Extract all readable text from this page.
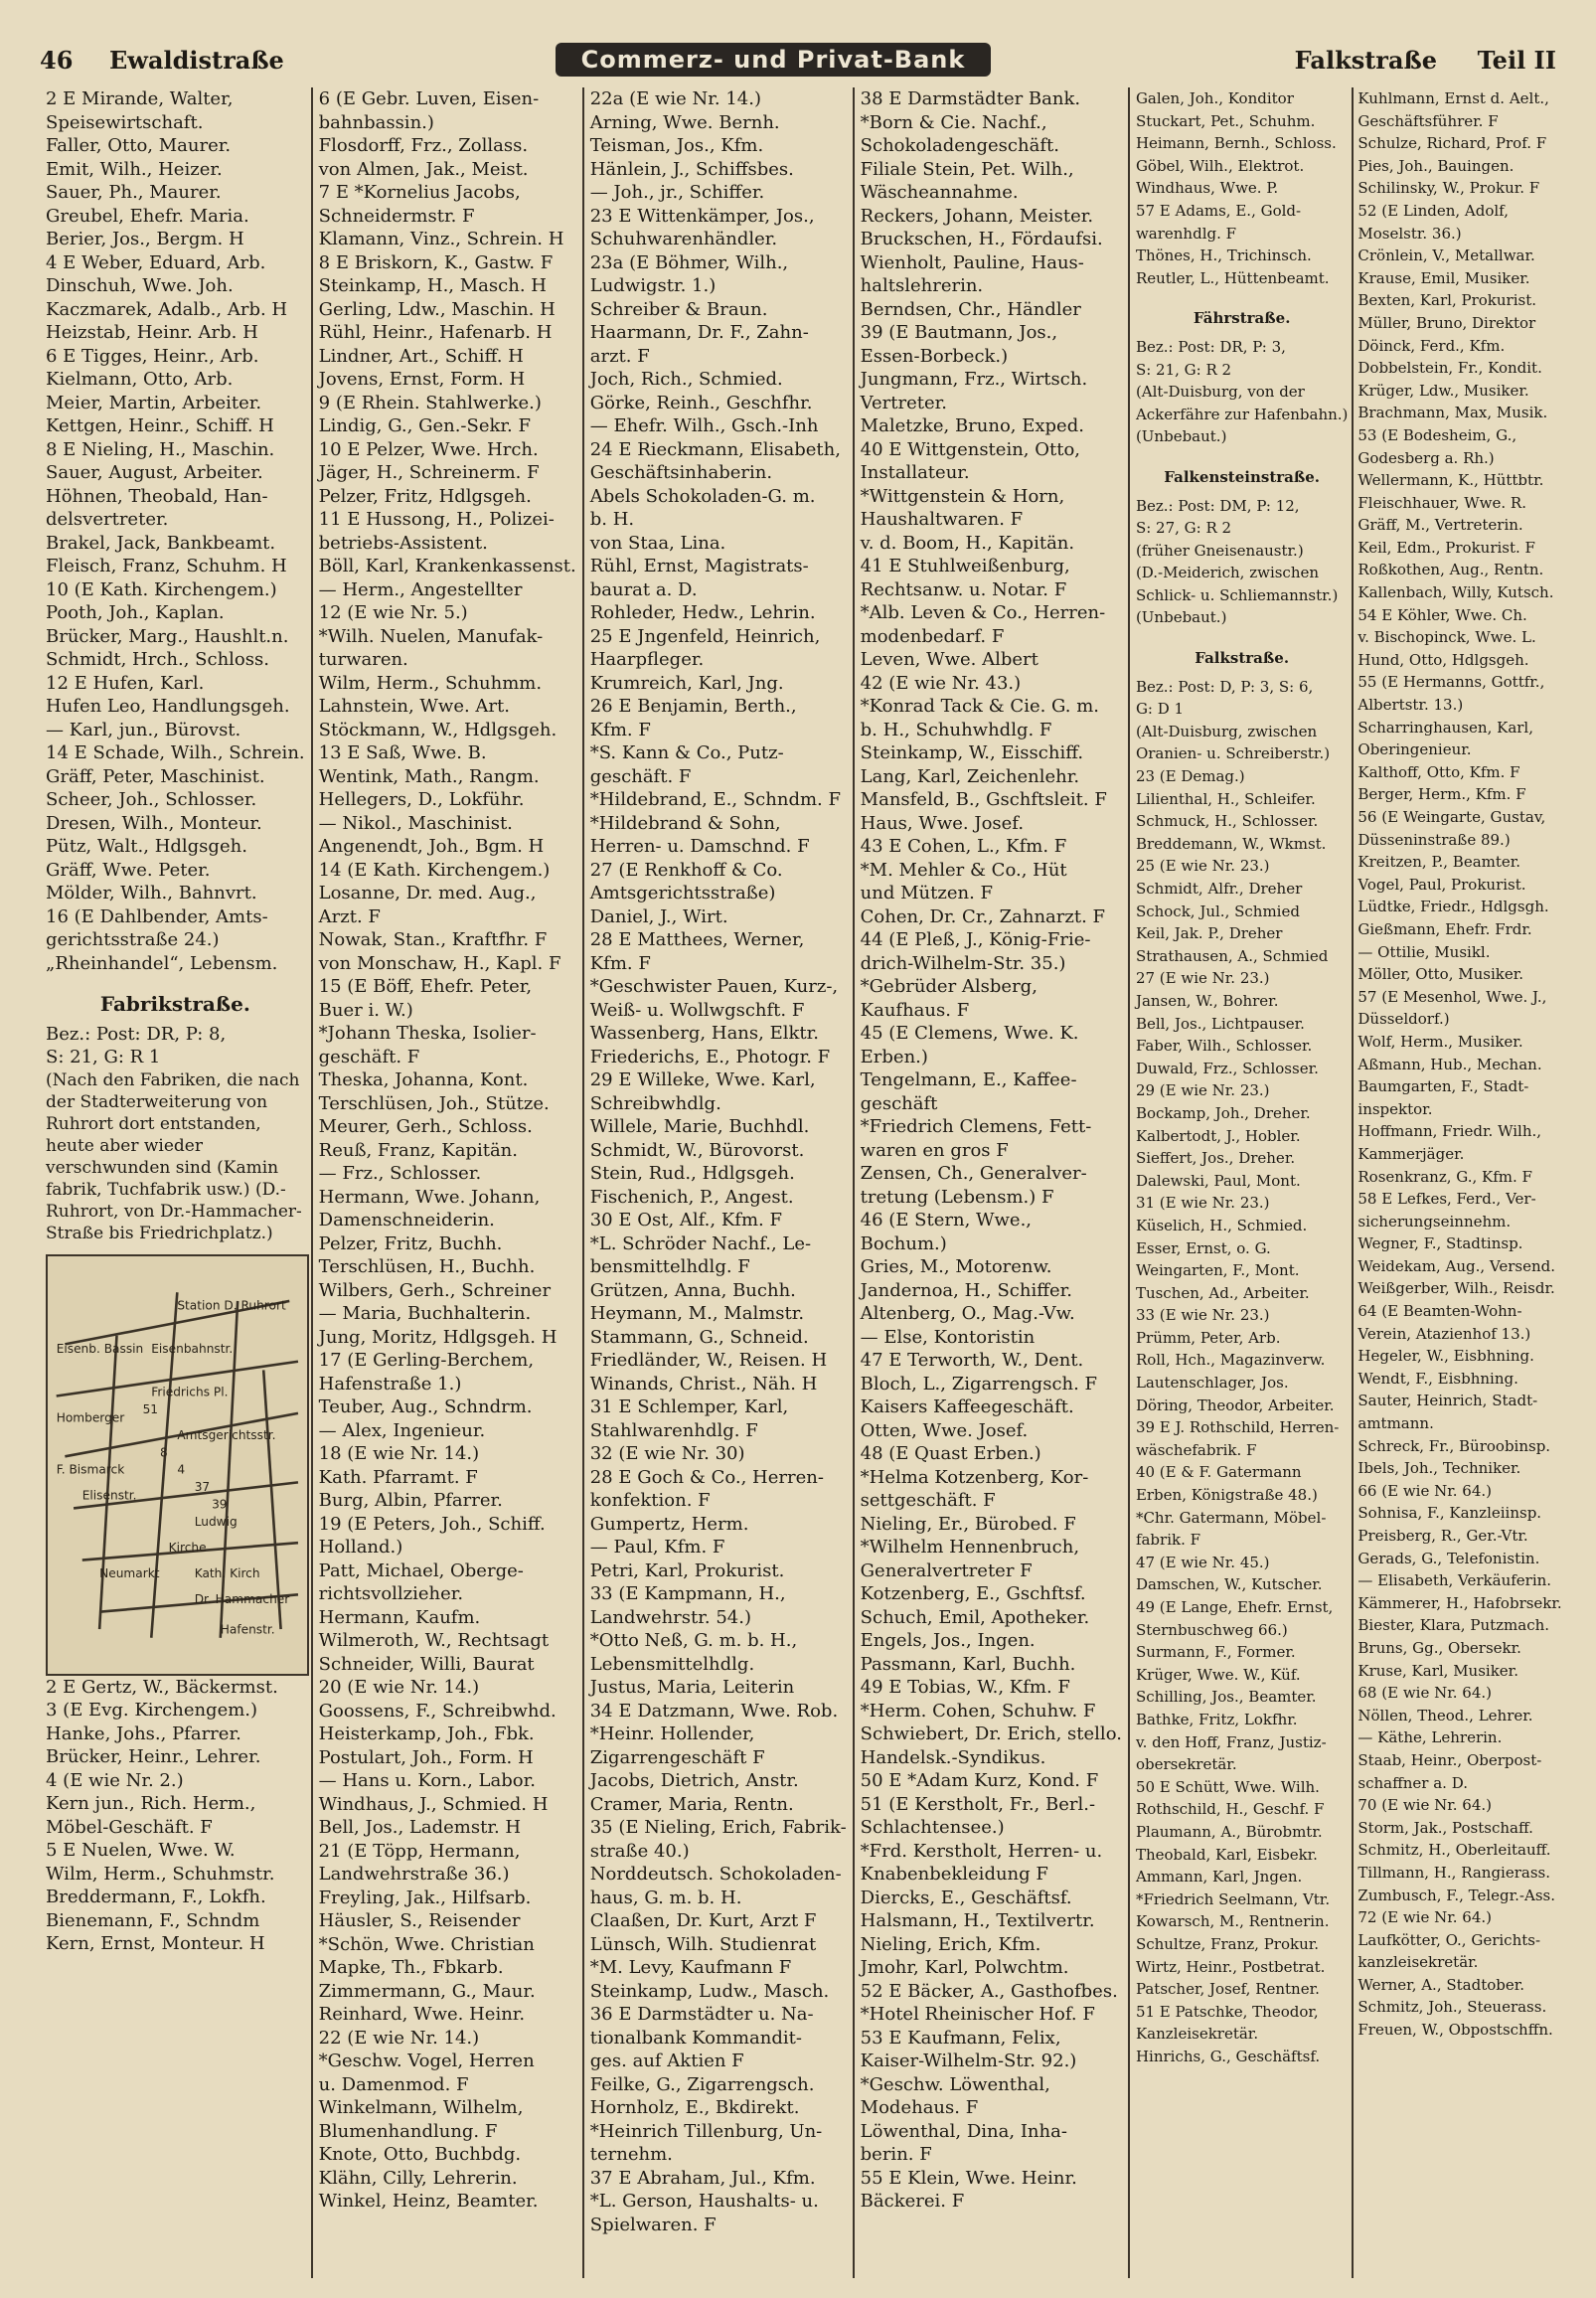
46	Ewaldistraße	Commerz- und Privat-Bank	Falkstraße	Teil II
2 E Mirande, Walter,
Speisewirtschaft.
Faller, Otto, Maurer.
Emit, Wilh., Heizer.
Sauer, Ph., Maurer.
Greubel, Ehefr. Maria.
Berier, Jos., Bergm. H
4 E Weber, Eduard, Arb.
Dinschuh, Wwe. Joh.
Kaczmarek, Adalb., Arb. H
Heizstab, Heinr. Arb. H
6 E Tigges, Heinr., Arb.
Kielmann, Otto, Arb.
Meier, Martin, Arbeiter.
Kettgen, Heinr., Schiff. H
8 E Nieling, H., Maschin.
Sauer, August, Arbeiter.
Höhnen, Theobald, Han-
delsvertreter.
Brakel, Jack, Bankbeamt.
Fleisch, Franz, Schuhm. H
10 (E Kath. Kirchengem.)
Pooth, Joh., Kaplan.
Brücker, Marg., Haushlt.n.
Schmidt, Hrch., Schloss.
12 E Hufen, Karl.
Hufen Leo, Handlungsgeh.
— Karl, jun., Bürovst.
14 E Schade, Wilh., Schrein.
Gräff, Peter, Maschinist.
Scheer, Joh., Schlosser.
Dresen, Wilh., Monteur.
Pütz, Walt., Hdlgsgeh.
Gräff, Wwe. Peter.
Mölder, Wilh., Bahnvrt.
16 (E Dahlbender, Amts-
gerichtsstraße 24.)
„Rheinhandel“, Lebensm.
Fabrikstraße.
Bez.: Post: DR, P: 8,
S: 21, G: R 1
(Nach den Fabriken, die nach der Stadterweiterung von Ruhrort dort entstanden, heute aber wieder verschwunden sind (Kamin fabrik, Tuchfabrik usw.) (D.-Ruhrort, von Dr.-Hammacher-Straße bis Friedrichplatz.)
Station D. Ruhrort
Eisenb. Bassin Eisenbahnstr.
Friedrichs Pl.
Homberger
Amtsgerichtsstr.
F. Bismarck
Elisenstr.
Ludwig
Kirche
Neumarkt	Kath. Kirch
Dr. Hammacher
Hafenstr.
51
8
4
37
39
2 E Gertz, W., Bäckermst.
3 (E Evg. Kirchengem.)
Hanke, Johs., Pfarrer.
Brücker, Heinr., Lehrer.
4 (E wie Nr. 2.)
Kern jun., Rich. Herm.,
Möbel-Geschäft. F
5 E Nuelen, Wwe. W.
Wilm, Herm., Schuhmstr.
Breddermann, F., Lokfh.
Bienemann, F., Schndm
Kern, Ernst, Monteur. H
6 (E Gebr. Luven, Eisen-
bahnbassin.)
Flosdorff, Frz., Zollass.
von Almen, Jak., Meist.
7 E *Kornelius Jacobs,
Schneidermstr. F
Klamann, Vinz., Schrein. H
8 E Briskorn, K., Gastw. F
Steinkamp, H., Masch. H
Gerling, Ldw., Maschin. H
Rühl, Heinr., Hafenarb. H
Lindner, Art., Schiff. H
Jovens, Ernst, Form. H
9 (E Rhein. Stahlwerke.)
Lindig, G., Gen.-Sekr. F
10 E Pelzer, Wwe. Hrch.
Jäger, H., Schreinerm. F
Pelzer, Fritz, Hdlgsgeh.
11 E Hussong, H., Polizei-
betriebs-Assistent.
Böll, Karl, Krankenkassenst.
— Herm., Angestellter
12 (E wie Nr. 5.)
*Wilh. Nuelen, Manufak-
turwaren.
Wilm, Herm., Schuhmm.
Lahnstein, Wwe. Art.
Stöckmann, W., Hdlgsgeh.
13 E Saß, Wwe. B.
Wentink, Math., Rangm.
Hellegers, D., Lokführ.
— Nikol., Maschinist.
Angenendt, Joh., Bgm. H
14 (E Kath. Kirchengem.)
Losanne, Dr. med. Aug.,
Arzt. F
Nowak, Stan., Kraftfhr. F
von Monschaw, H., Kapl. F
15 (E Böff, Ehefr. Peter,
Buer i. W.)
*Johann Theska, Isolier-
geschäft. F
Theska, Johanna, Kont.
Terschlüsen, Joh., Stütze.
Meurer, Gerh., Schloss.
Reuß, Franz, Kapitän.
— Frz., Schlosser.
Hermann, Wwe. Johann,
Damenschneiderin.
Pelzer, Fritz, Buchh.
Terschlüsen, H., Buchh.
Wilbers, Gerh., Schreiner
— Maria, Buchhalterin.
Jung, Moritz, Hdlgsgeh. H
17 (E Gerling-Berchem,
Hafenstraße 1.)
Teuber, Aug., Schndrm.
— Alex, Ingenieur.
18 (E wie Nr. 14.)
Kath. Pfarramt. F
Burg, Albin, Pfarrer.
19 (E Peters, Joh., Schiff.
Holland.)
Patt, Michael, Oberge-
richtsvollzieher.
Hermann, Kaufm.
Wilmeroth, W., Rechtsagt
Schneider, Willi, Baurat
20 (E wie Nr. 14.)
Goossens, F., Schreibwhd.
Heisterkamp, Joh., Fbk.
Postulart, Joh., Form. H
— Hans u. Korn., Labor.
Windhaus, J., Schmied. H
Bell, Jos., Lademstr. H
21 (E Töpp, Hermann,
Landwehrstraße 36.)
Freyling, Jak., Hilfsarb.
Häusler, S., Reisender
*Schön, Wwe. Christian
Mapke, Th., Fbkarb.
Zimmermann, G., Maur.
Reinhard, Wwe. Heinr.
22 (E wie Nr. 14.)
*Geschw. Vogel, Herren
u. Damenmod. F
Winkelmann, Wilhelm,
Blumenhandlung. F
Knote, Otto, Buchbdg.
Klähn, Cilly, Lehrerin.
Winkel, Heinz, Beamter.
22a (E wie Nr. 14.)
Arning, Wwe. Bernh.
Teisman, Jos., Kfm.
Hänlein, J., Schiffsbes.
— Joh., jr., Schiffer.
23 E Wittenkämper, Jos.,
Schuhwarenhändler.
23a (E Böhmer, Wilh.,
Ludwigstr. 1.)
Schreiber & Braun.
Haarmann, Dr. F., Zahn-
arzt. F
Joch, Rich., Schmied.
Görke, Reinh., Geschfhr.
— Ehefr. Wilh., Gsch.-Inh
24 E Rieckmann, Elisabeth,
Geschäftsinhaberin.
Abels Schokoladen-G. m.
b. H.
von Staa, Lina.
Rühl, Ernst, Magistrats-
baurat a. D.
Rohleder, Hedw., Lehrin.
25 E Jngenfeld, Heinrich,
Haarpfleger.
Krumreich, Karl, Jng.
26 E Benjamin, Berth.,
Kfm. F
*S. Kann & Co., Putz-
geschäft. F
*Hildebrand, E., Schndm. F
*Hildebrand & Sohn,
Herren- u. Damschnd. F
27 (E Renkhoff & Co.
Amtsgerichtsstraße)
Daniel, J., Wirt.
28 E Matthees, Werner,
Kfm. F
*Geschwister Pauen, Kurz-,
Weiß- u. Wollwgschft. F
Wassenberg, Hans, Elktr.
Friederichs, E., Photogr. F
29 E Willeke, Wwe. Karl,
Schreibwhdlg.
Willele, Marie, Buchhdl.
Schmidt, W., Bürovorst.
Stein, Rud., Hdlgsgeh.
Fischenich, P., Angest.
30 E Ost, Alf., Kfm. F
*L. Schröder Nachf., Le-
bensmittelhdlg. F
Grützen, Anna, Buchh.
Heymann, M., Malmstr.
Stammann, G., Schneid.
Friedländer, W., Reisen. H
Winands, Christ., Näh. H
31 E Schlemper, Karl,
Stahlwarenhdlg. F
32 (E wie Nr. 30)
28 E Goch & Co., Herren-
konfektion. F
Gumpertz, Herm.
— Paul, Kfm. F
Petri, Karl, Prokurist.
33 (E Kampmann, H.,
Landwehrstr. 54.)
*Otto Neß, G. m. b. H.,
Lebensmittelhdlg.
Justus, Maria, Leiterin
34 E Datzmann, Wwe. Rob.
*Heinr. Hollender,
Zigarrengeschäft F
Jacobs, Dietrich, Anstr.
Cramer, Maria, Rentn.
35 (E Nieling, Erich, Fabrik-
straße 40.)
Norddeutsch. Schokoladen-
haus, G. m. b. H.
Claaßen, Dr. Kurt, Arzt F
Lünsch, Wilh. Studienrat
*M. Levy, Kaufmann F
Steinkamp, Ludw., Masch.
36 E Darmstädter u. Na-
tionalbank Kommandit-
ges. auf Aktien F
Feilke, G., Zigarrengsch.
Hornholz, E., Bkdirekt.
*Heinrich Tillenburg, Un-
ternehm.
37 E Abraham, Jul., Kfm.
*L. Gerson, Haushalts- u.
Spielwaren. F
38 E Darmstädter Bank.
*Born & Cie. Nachf.,
Schokoladengeschäft.
Filiale Stein, Pet. Wilh.,
Wäscheannahme.
Reckers, Johann, Meister.
Bruckschen, H., Fördaufsi.
Wienholt, Pauline, Haus-
haltslehrerin.
Berndsen, Chr., Händler
39 (E Bautmann, Jos.,
Essen-Borbeck.)
Jungmann, Frz., Wirtsch.
Vertreter.
Maletzke, Bruno, Exped.
40 E Wittgenstein, Otto,
Installateur.
*Wittgenstein & Horn,
Haushaltwaren. F
v. d. Boom, H., Kapitän.
41 E Stuhlweißenburg,
Rechtsanw. u. Notar. F
*Alb. Leven & Co., Herren-
modenbedarf. F
Leven, Wwe. Albert
42 (E wie Nr. 43.)
*Konrad Tack & Cie. G. m.
b. H., Schuhwhdlg. F
Steinkamp, W., Eisschiff.
Lang, Karl, Zeichenlehr.
Mansfeld, B., Gschftsleit. F
Haus, Wwe. Josef.
43 E Cohen, L., Kfm. F
*M. Mehler & Co., Hüt
und Mützen. F
Cohen, Dr. Cr., Zahnarzt. F
44 (E Pleß, J., König-Frie-
drich-Wilhelm-Str. 35.)
*Gebrüder Alsberg,
Kaufhaus. F
45 (E Clemens, Wwe. K.
Erben.)
Tengelmann, E., Kaffee-
geschäft
*Friedrich Clemens, Fett-
waren en gros F
Zensen, Ch., Generalver-
tretung (Lebensm.) F
46 (E Stern, Wwe.,
Bochum.)
Gries, M., Motorenw.
Jandernoa, H., Schiffer.
Altenberg, O., Mag.-Vw.
— Else, Kontoristin
47 E Terworth, W., Dent.
Bloch, L., Zigarrengsch. F
Kaisers Kaffeegeschäft.
Otten, Wwe. Josef.
48 (E Quast Erben.)
*Helma Kotzenberg, Kor-
settgeschäft. F
Nieling, Er., Bürobed. F
*Wilhelm Hennenbruch,
Generalvertreter F
Kotzenberg, E., Gschftsf.
Schuch, Emil, Apotheker.
Engels, Jos., Ingen.
Passmann, Karl, Buchh.
49 E Tobias, W., Kfm. F
*Herm. Cohen, Schuhw. F
Schwiebert, Dr. Erich, stello.
Handelsk.-Syndikus.
50 E *Adam Kurz, Kond. F
51 (E Kerstholt, Fr., Berl.-
Schlachtensee.)
*Frd. Kerstholt, Herren- u.
Knabenbekleidung F
Diercks, E., Geschäftsf.
Halsmann, H., Textilvertr.
Nieling, Erich, Kfm.
Jmohr, Karl, Polwchtm.
52 E Bäcker, A., Gasthofbes.
*Hotel Rheinischer Hof. F
53 E Kaufmann, Felix,
Kaiser-Wilhelm-Str. 92.)
*Geschw. Löwenthal,
Modehaus. F
Löwenthal, Dina, Inha-
berin. F
55 E Klein, Wwe. Heinr.
Bäckerei. F
Galen, Joh., Konditor
Stuckart, Pet., Schuhm.
Heimann, Bernh., Schloss.
Göbel, Wilh., Elektrot.
Windhaus, Wwe. P.
57 E Adams, E., Gold-
warenhdlg. F
Thönes, H., Trichinsch.
Reutler, L., Hüttenbeamt.
Fährstraße.
Bez.: Post: DR, P: 3,
S: 21, G: R 2
(Alt-Duisburg, von der
Ackerfähre zur Hafenbahn.)
(Unbebaut.)
Falkensteinstraße.
Bez.: Post: DM, P: 12,
S: 27, G: R 2
(früher Gneisenaustr.)
(D.-Meiderich, zwischen
Schlick- u. Schliemannstr.)
(Unbebaut.)
Falkstraße.
Bez.: Post: D, P: 3, S: 6,
G: D 1
(Alt-Duisburg, zwischen
Oranien- u. Schreiberstr.)
23 (E Demag.)
Lilienthal, H., Schleifer.
Schmuck, H., Schlosser.
Breddemann, W., Wkmst.
25 (E wie Nr. 23.)
Schmidt, Alfr., Dreher
Schock, Jul., Schmied
Keil, Jak. P., Dreher
Strathausen, A., Schmied
27 (E wie Nr. 23.)
Jansen, W., Bohrer.
Bell, Jos., Lichtpauser.
Faber, Wilh., Schlosser.
Duwald, Frz., Schlosser.
29 (E wie Nr. 23.)
Bockamp, Joh., Dreher.
Kalbertodt, J., Hobler.
Sieffert, Jos., Dreher.
Dalewski, Paul, Mont.
31 (E wie Nr. 23.)
Küselich, H., Schmied.
Esser, Ernst, o. G.
Weingarten, F., Mont.
Tuschen, Ad., Arbeiter.
33 (E wie Nr. 23.)
Prümm, Peter, Arb.
Roll, Hch., Magazinverw.
Lautenschlager, Jos.
Döring, Theodor, Arbeiter.
39 E J. Rothschild, Herren-
wäschefabrik. F
40 (E & F. Gatermann
Erben, Königstraße 48.)
*Chr. Gatermann, Möbel-
fabrik. F
47 (E wie Nr. 45.)
Damschen, W., Kutscher.
49 (E Lange, Ehefr. Ernst,
Sternbuschweg 66.)
Surmann, F., Former.
Krüger, Wwe. W., Küf.
Schilling, Jos., Beamter.
Bathke, Fritz, Lokfhr.
v. den Hoff, Franz, Justiz-
obersekretär.
50 E Schütt, Wwe. Wilh.
Rothschild, H., Geschf. F
Plaumann, A., Bürobmtr.
Theobald, Karl, Eisbekr.
Ammann, Karl, Jngen.
*Friedrich Seelmann, Vtr.
Kowarsch, M., Rentnerin.
Schultze, Franz, Prokur.
Wirtz, Heinr., Postbetrat.
Patscher, Josef, Rentner.
51 E Patschke, Theodor,
Kanzleisekretär.
Hinrichs, G., Geschäftsf.
Kuhlmann, Ernst d. Aelt.,
Geschäftsführer. F
Schulze, Richard, Prof. F
Pies, Joh., Bauingen.
Schilinsky, W., Prokur. F
52 (E Linden, Adolf,
Moselstr. 36.)
Crönlein, V., Metallwar.
Krause, Emil, Musiker.
Bexten, Karl, Prokurist.
Müller, Bruno, Direktor
Döinck, Ferd., Kfm.
Dobbelstein, Fr., Kondit.
Krüger, Ldw., Musiker.
Brachmann, Max, Musik.
53 (E Bodesheim, G.,
Godesberg a. Rh.)
Wellermann, K., Hüttbtr.
Fleischhauer, Wwe. R.
Gräff, M., Vertreterin.
Keil, Edm., Prokurist. F
Roßkothen, Aug., Rentn.
Kallenbach, Willy, Kutsch.
54 E Köhler, Wwe. Ch.
v. Bischopinck, Wwe. L.
Hund, Otto, Hdlgsgeh.
55 (E Hermanns, Gottfr.,
Albertstr. 13.)
Scharringhausen, Karl,
Oberingenieur.
Kalthoff, Otto, Kfm. F
Berger, Herm., Kfm. F
56 (E Weingarte, Gustav,
Düsseninstraße 89.)
Kreitzen, P., Beamter.
Vogel, Paul, Prokurist.
Lüdtke, Friedr., Hdlgsgh.
Gießmann, Ehefr. Frdr.
— Ottilie, Musikl.
Möller, Otto, Musiker.
57 (E Mesenhol, Wwe. J.,
Düsseldorf.)
Wolf, Herm., Musiker.
Aßmann, Hub., Mechan.
Baumgarten, F., Stadt-
inspektor.
Hoffmann, Friedr. Wilh.,
Kammerjäger.
Rosenkranz, G., Kfm. F
58 E Lefkes, Ferd., Ver-
sicherungseinnehm.
Wegner, F., Stadtinsp.
Weidekam, Aug., Versend.
Weißgerber, Wilh., Reisdr.
64 (E Beamten-Wohn-
Verein, Atazienhof 13.)
Hegeler, W., Eisbhning.
Wendt, F., Eisbhning.
Sauter, Heinrich, Stadt-
amtmann.
Schreck, Fr., Büroobinsp.
Ibels, Joh., Techniker.
66 (E wie Nr. 64.)
Sohnisa, F., Kanzleiinsp.
Preisberg, R., Ger.-Vtr.
Gerads, G., Telefonistin.
— Elisabeth, Verkäuferin.
Kämmerer, H., Hafobrsekr.
Biester, Klara, Putzmach.
Bruns, Gg., Obersekr.
Kruse, Karl, Musiker.
68 (E wie Nr. 64.)
Nöllen, Theod., Lehrer.
— Käthe, Lehrerin.
Staab, Heinr., Oberpost-
schaffner a. D.
70 (E wie Nr. 64.)
Storm, Jak., Postschaff.
Schmitz, H., Oberleitauff.
Tillmann, H., Rangierass.
Zumbusch, F., Telegr.-Ass.
72 (E wie Nr. 64.)
Laufkötter, O., Gerichts-
kanzleisekretär.
Werner, A., Stadtober.
Schmitz, Joh., Steuerass.
Freuen, W., Obpostschffn.
